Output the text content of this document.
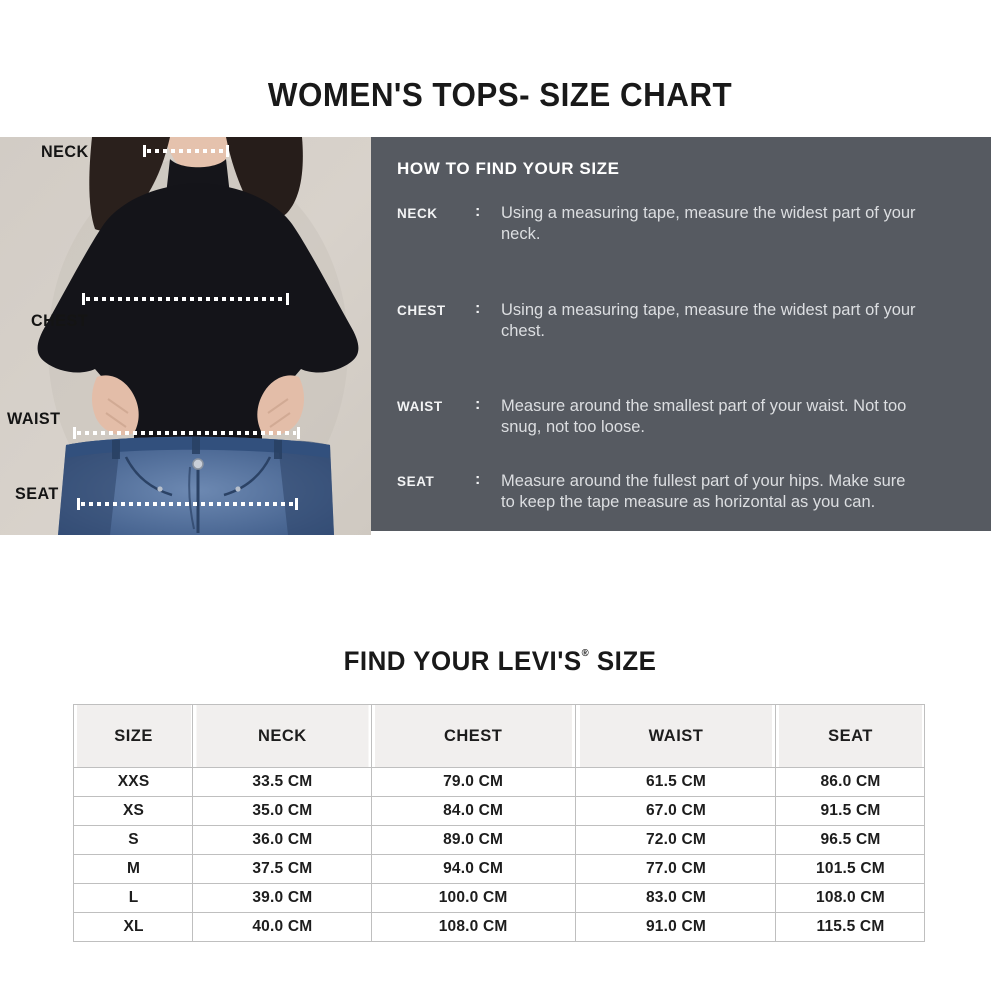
WOMEN'S TOPS- SIZE CHART
NECK
CHEST
WAIST
SEAT
HOW TO FIND YOUR SIZE
NECK	:	Using a measuring tape, measure the widest part of your neck.
CHEST	:	Using a measuring tape, measure the widest part of your chest.
WAIST	:	Measure around the smallest part of your waist. Not too snug, not too loose.
SEAT	:	Measure around the fullest part of your hips. Make sure to keep the tape measure as horizontal as you can.
FIND YOUR LEVI'S® SIZE
SIZE	NECK	CHEST	WAIST	SEAT
XXS	33.5 CM	79.0 CM	61.5 CM	86.0 CM
XS	35.0 CM	84.0 CM	67.0 CM	91.5 CM
S	36.0 CM	89.0 CM	72.0 CM	96.5 CM
M	37.5 CM	94.0 CM	77.0 CM	101.5 CM
L	39.0 CM	100.0 CM	83.0 CM	108.0 CM
XL	40.0 CM	108.0 CM	91.0 CM	115.5 CM
